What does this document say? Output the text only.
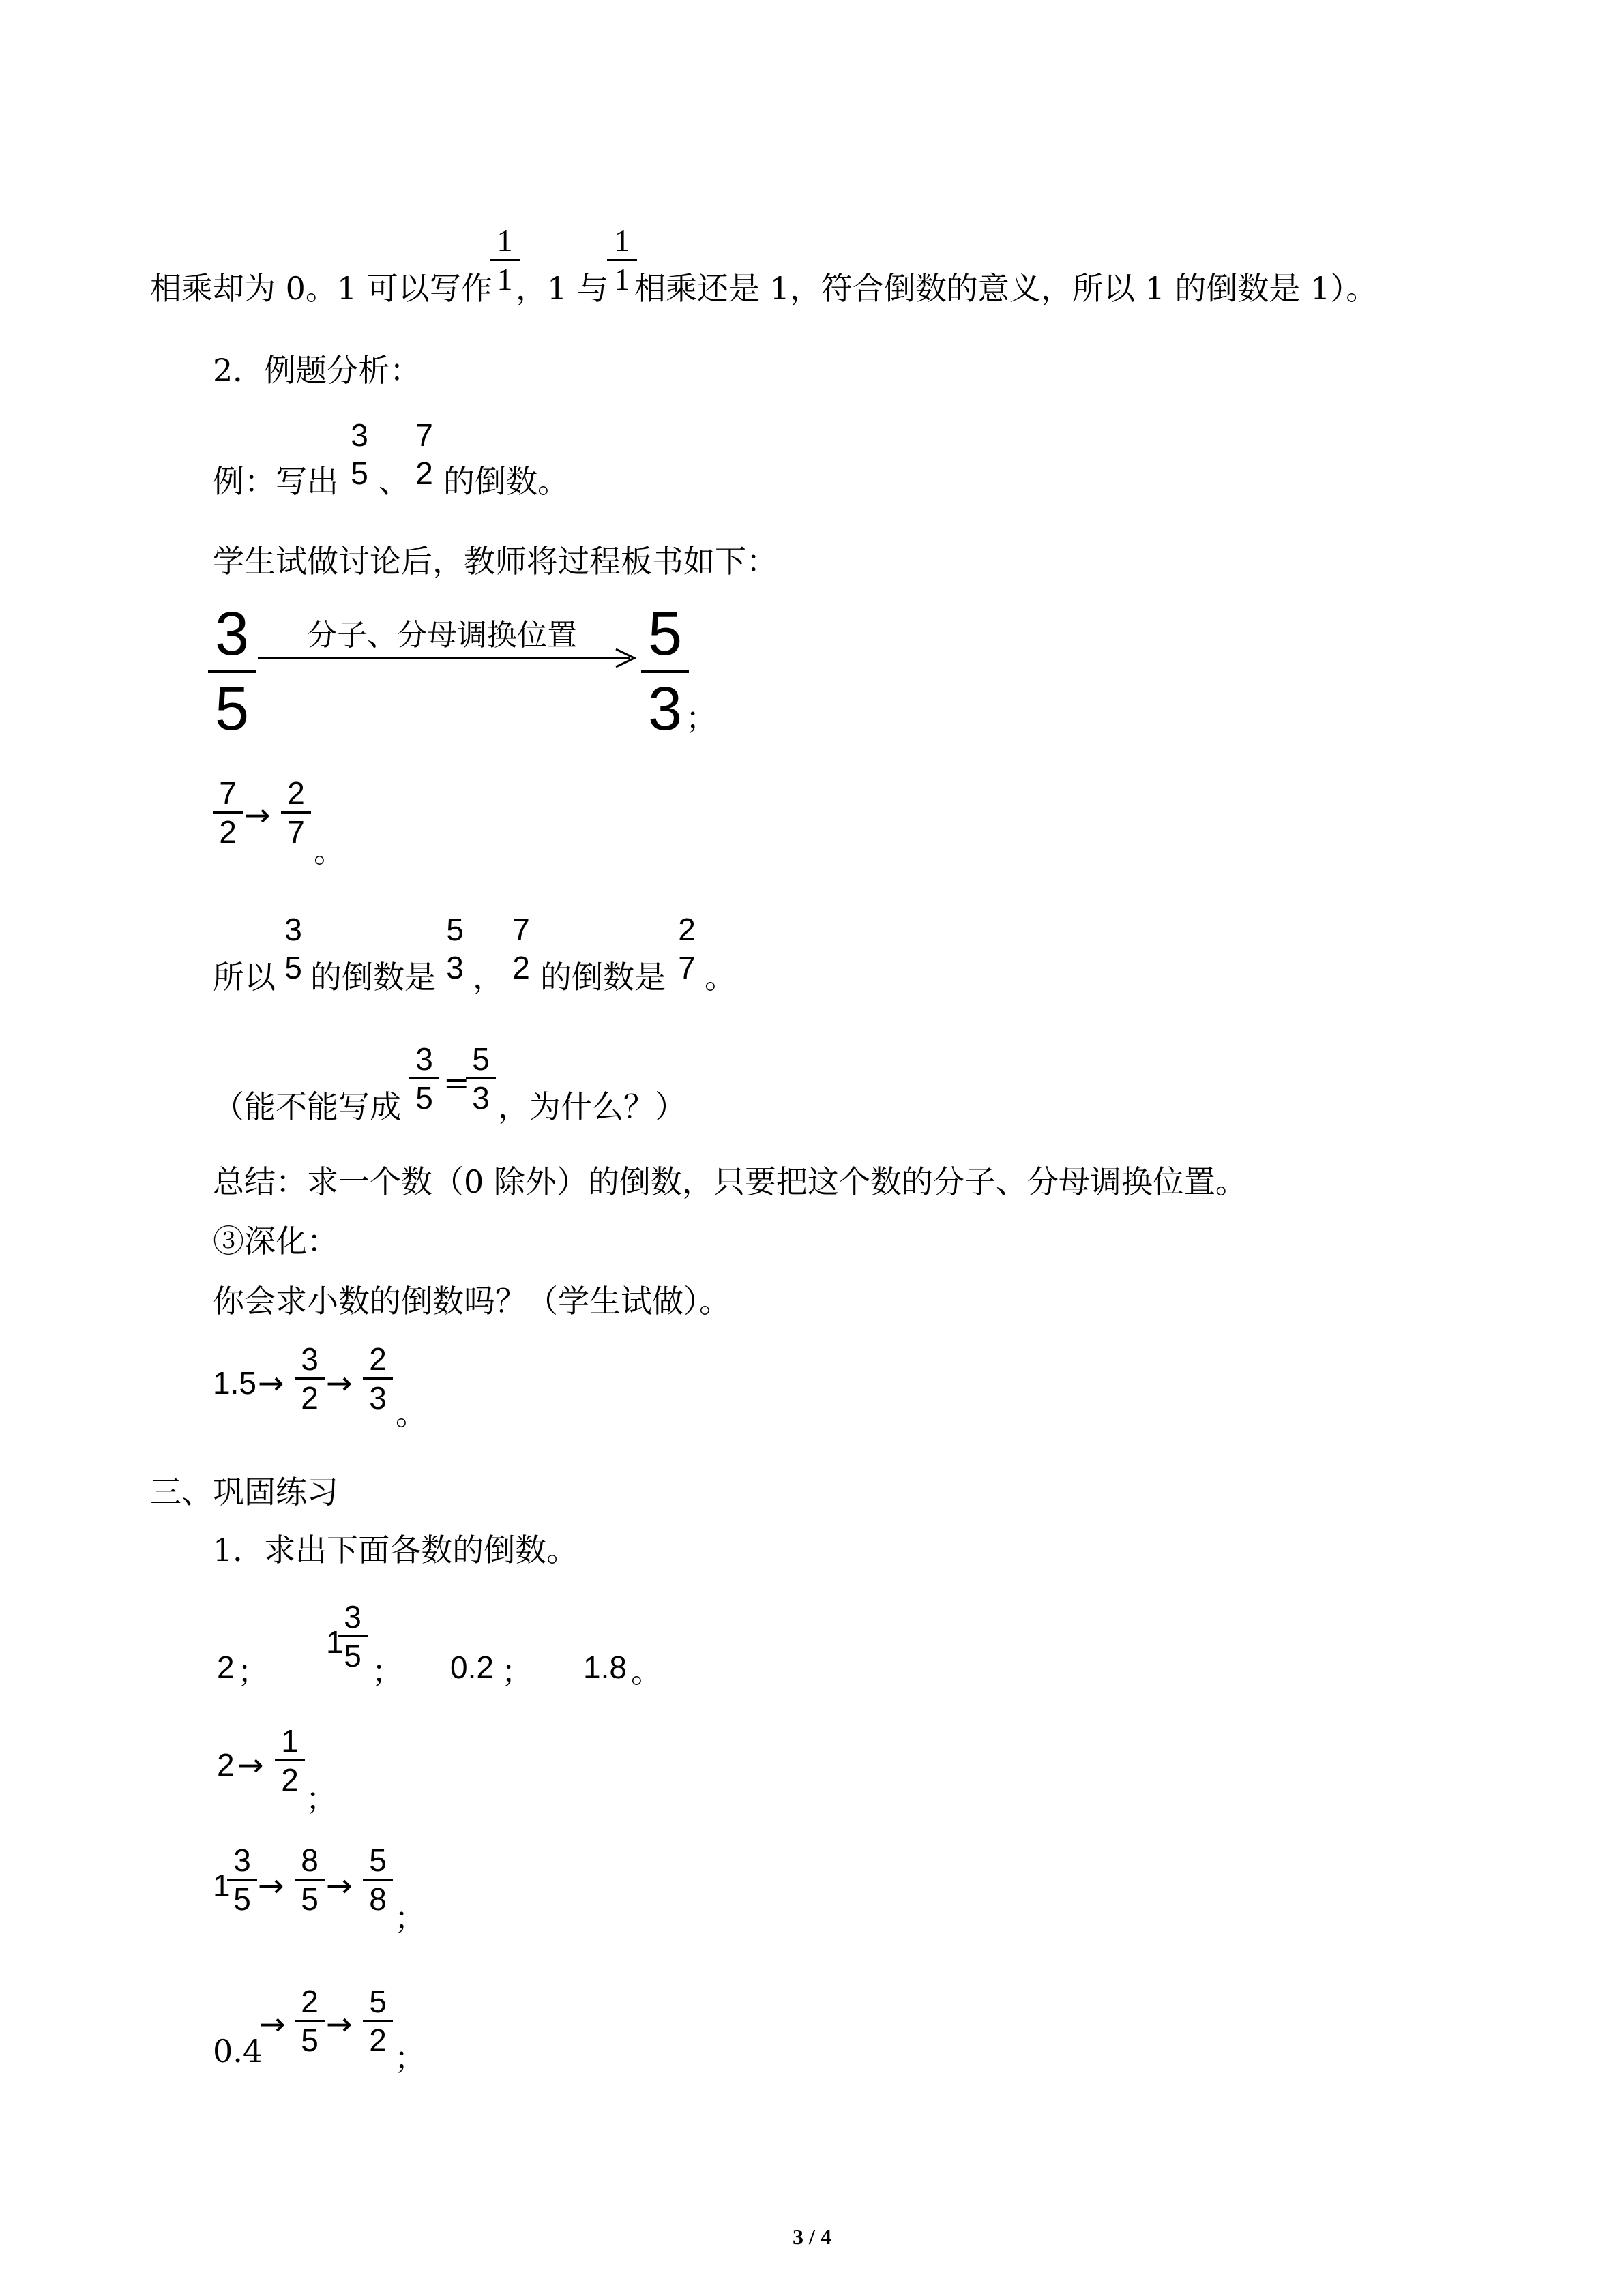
相乘却为 0。1 可以写作
1
1 ，1 与
1
1 相乘还是 1，符合倒数的意义，所以 1 的倒数是 1）。
2．例题分析：
例：写出
3
5 、
7
2 的倒数。
学生试做讨论后，教师将过程板书如下：
3
5
分子、分母调换位置 5
3 ；
7
2 →
2
7
。
所以
3
5 的倒数是
5
3 ，
7
2 的倒数是
2
7 。
（能不能写成
3
5 =
5
3 ，为什么？）
总结：求一个数（0 除外）的倒数，只要把这个数的分子、分母调换位置。
③深化：
你会求小数的倒数吗？（学生试做）。
1.5 →
3
2 →
2
3 。
三、巩固练习
1．求出下面各数的倒数。
2 ；
1
3
5 ； 0.2 ； 1.8 。
2 →
1
2
；
1
3
5 →
8
5 →
5
8
；
0.4
→
2
5 →
5
2 ；
3 / 4
